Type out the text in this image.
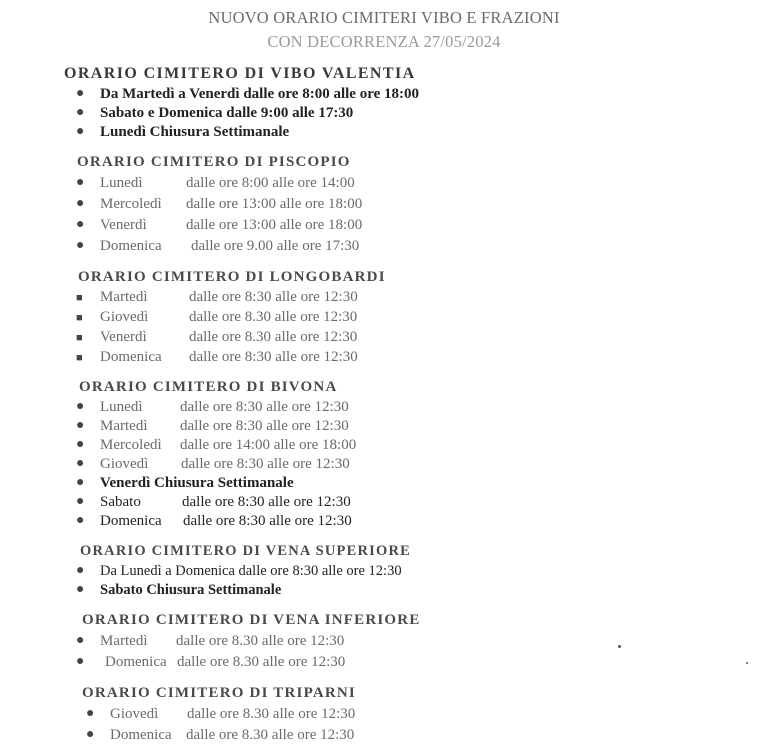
NUOVO ORARIO CIMITERI VIBO E FRAZIONI
CON DECORRENZA 27/05/2024
ORARIO CIMITERO DI VIBO VALENTIA
● Da Martedì a Venerdì dalle ore 8:00 alle ore 18:00
● Sabato e Domenica dalle 9:00 alle 17:30
● Lunedì Chiusura Settimanale
ORARIO CIMITERO DI PISCOPIO
● Lunedì	dalle ore 8:00 alle ore 14:00
● Mercoledì dalle ore 13:00 alle ore 18:00
● Venerdì	dalle ore 13:00 alle ore 18:00
● Domenica dalle ore 9.00 alle ore 17:30
ORARIO CIMITERO DI LONGOBARDI
■ Martedì	dalle ore 8:30 alle ore 12:30
■ Giovedì	dalle ore 8.30 alle ore 12:30
■ Venerdì	dalle ore 8.30 alle ore 12:30
■ Domenica dalle ore 8:30 alle ore 12:30
ORARIO CIMITERO DI BIVONA
● Lunedì	dalle ore 8:30 alle ore 12:30
● Martedì dalle ore 8:30 alle ore 12:30
● Mercoledì dalle ore 14:00 alle ore 18:00
● Giovedì dalle ore 8:30 alle ore 12:30
● Venerdì Chiusura Settimanale
● Sabato	dalle ore 8:30 alle ore 12:30
● Domenica dalle ore 8:30 alle ore 12:30
ORARIO CIMITERO DI VENA SUPERIORE
● Da Lunedì a Domenica dalle ore 8:30 alle ore 12:30
● Sabato Chiusura Settimanale
ORARIO CIMITERO DI VENA INFERIORE
● Martedì dalle ore 8.30 alle ore 12:30
● Domenica dalle ore 8.30 alle ore 12:30
ORARIO CIMITERO DI TRIPARNI
● Giovedì dalle ore 8.30 alle ore 12:30
● Domenica dalle ore 8.30 alle ore 12:30
